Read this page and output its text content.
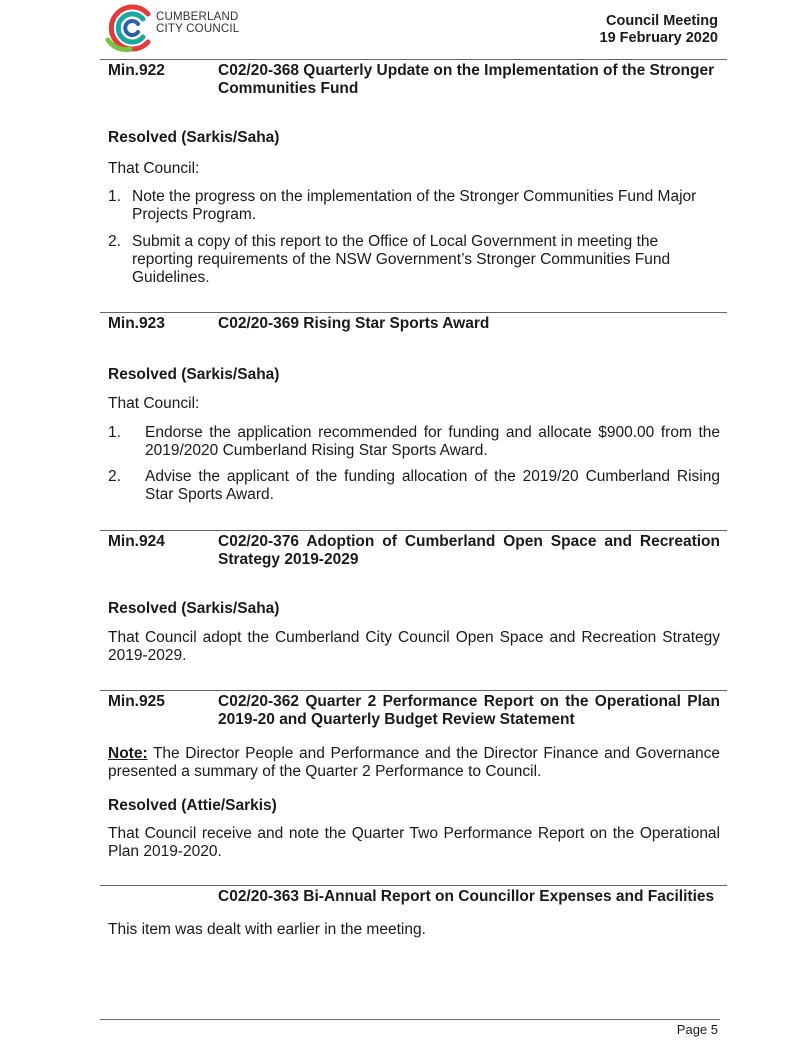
CUMBERLAND
CITY COUNCIL	Council Meeting
19 February 2020
Min.922	C02/20-368 Quarterly Update on the Implementation of the Stronger Communities Fund
Resolved (Sarkis/Saha)
That Council:
1. Note the progress on the implementation of the Stronger Communities Fund Major Projects Program.
2. Submit a copy of this report to the Office of Local Government in meeting the reporting requirements of the NSW Government’s Stronger Communities Fund Guidelines.
Min.923	C02/20-369 Rising Star Sports Award
Resolved (Sarkis/Saha)
That Council:
1. Endorse the application recommended for funding and allocate $900.00 from the 2019/2020 Cumberland Rising Star Sports Award.
2. Advise the applicant of the funding allocation of the 2019/20 Cumberland Rising Star Sports Award.
Min.924	C02/20-376 Adoption of Cumberland Open Space and Recreation Strategy 2019-2029
Resolved (Sarkis/Saha)
That Council adopt the Cumberland City Council Open Space and Recreation Strategy 2019-2029.
Min.925	C02/20-362 Quarter 2 Performance Report on the Operational Plan 2019-20 and Quarterly Budget Review Statement
Note: The Director People and Performance and the Director Finance and Governance presented a summary of the Quarter 2 Performance to Council.
Resolved (Attie/Sarkis)
That Council receive and note the Quarter Two Performance Report on the Operational Plan 2019-2020.
C02/20-363 Bi-Annual Report on Councillor Expenses and Facilities
This item was dealt with earlier in the meeting.
Page 5
